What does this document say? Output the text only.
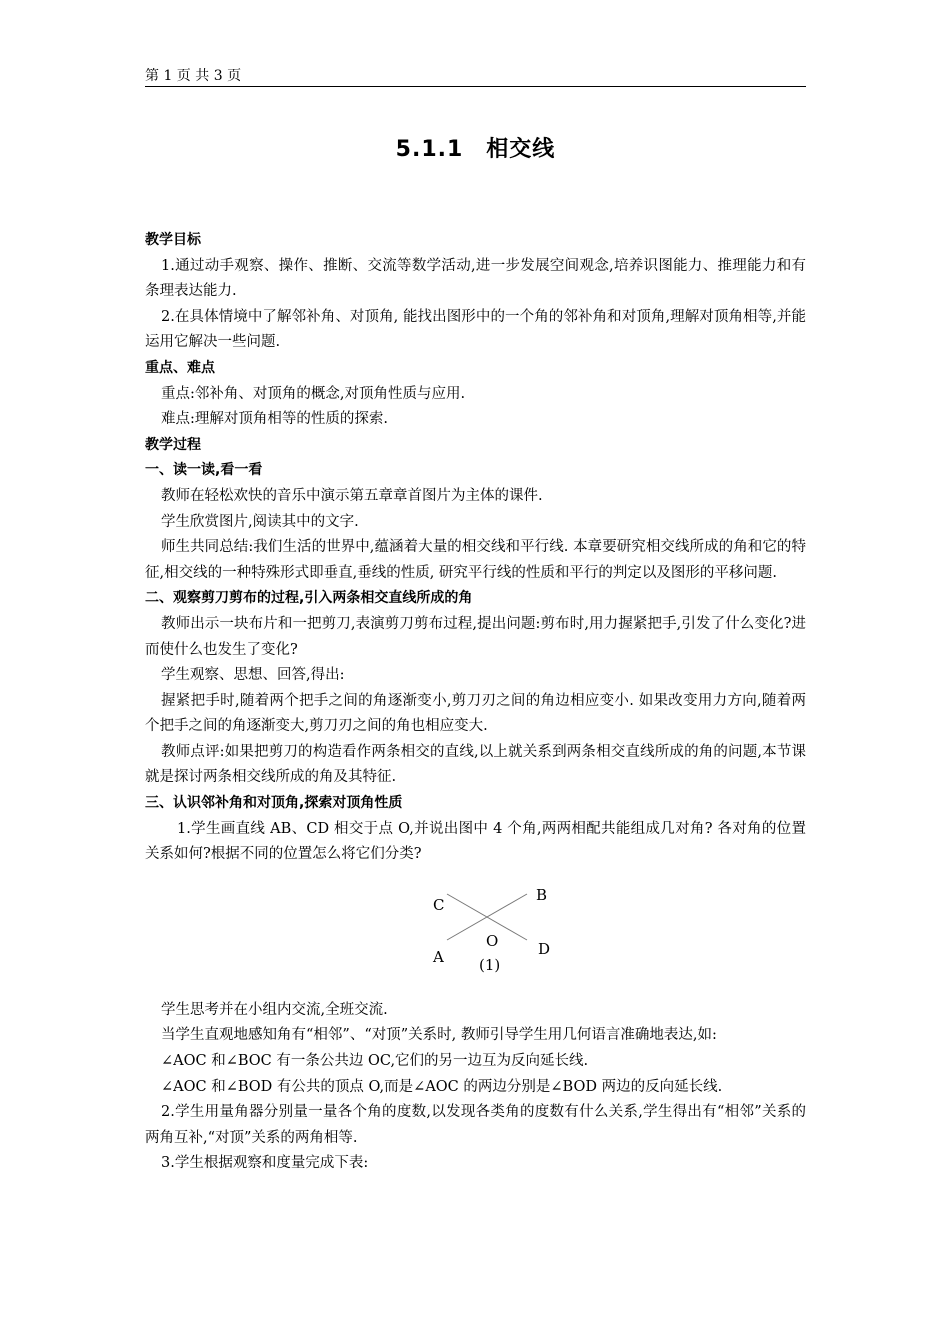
第 1 页 共 3 页
5.1.1　相交线
教学目标

1.通过动手观察、操作、推断、交流等数学活动,进一步发展空间观念,培养识图能力、推理能力和有条理表达能力.

2.在具体情境中了解邻补角、对顶角, 能找出图形中的一个角的邻补角和对顶角,理解对顶角相等,并能运用它解决一些问题.

重点、难点

重点:邻补角、对顶角的概念,对顶角性质与应用.

难点:理解对顶角相等的性质的探索.

教学过程
一、读一读,看一看

教师在轻松欢快的音乐中演示第五章章首图片为主体的课件.

学生欣赏图片,阅读其中的文字.

师生共同总结:我们生活的世界中,蕴涵着大量的相交线和平行线. 本章要研究相交线所成的角和它的特征,相交线的一种特殊形式即垂直,垂线的性质, 研究平行线的性质和平行的判定以及图形的平移问题.

二、观察剪刀剪布的过程,引入两条相交直线所成的角

教师出示一块布片和一把剪刀,表演剪刀剪布过程,提出问题:剪布时,用力握紧把手,引发了什么变化?进而使什么也发生了变化?

学生观察、思想、回答,得出:

握紧把手时,随着两个把手之间的角逐渐变小,剪刀刃之间的角边相应变小. 如果改变用力方向,随着两个把手之间的角逐渐变大,剪刀刃之间的角也相应变大.

教师点评:如果把剪刀的构造看作两条相交的直线,以上就关系到两条相交直线所成的角的问题,本节课就是探讨两条相交线所成的角及其特征.

三、认识邻补角和对顶角,探索对顶角性质

1.学生画直线 AB、CD 相交于点 O,并说出图中 4 个角,两两相配共能组成几对角? 各对角的位置关系如何?根据不同的位置怎么将它们分类?

C
B
O	D
A (1)

学生思考并在小组内交流,全班交流.

当学生直观地感知角有“相邻”、“对顶”关系时, 教师引导学生用几何语言准确地表达,如:

∠AOC 和∠BOC 有一条公共边 OC,它们的另一边互为反向延长线.

∠AOC 和∠BOD 有公共的顶点 O,而是∠AOC 的两边分别是∠BOD 两边的反向延长线.

2.学生用量角器分别量一量各个角的度数,以发现各类角的度数有什么关系,学生得出有“相邻”关系的两角互补,“对顶”关系的两角相等.

3.学生根据观察和度量完成下表:
